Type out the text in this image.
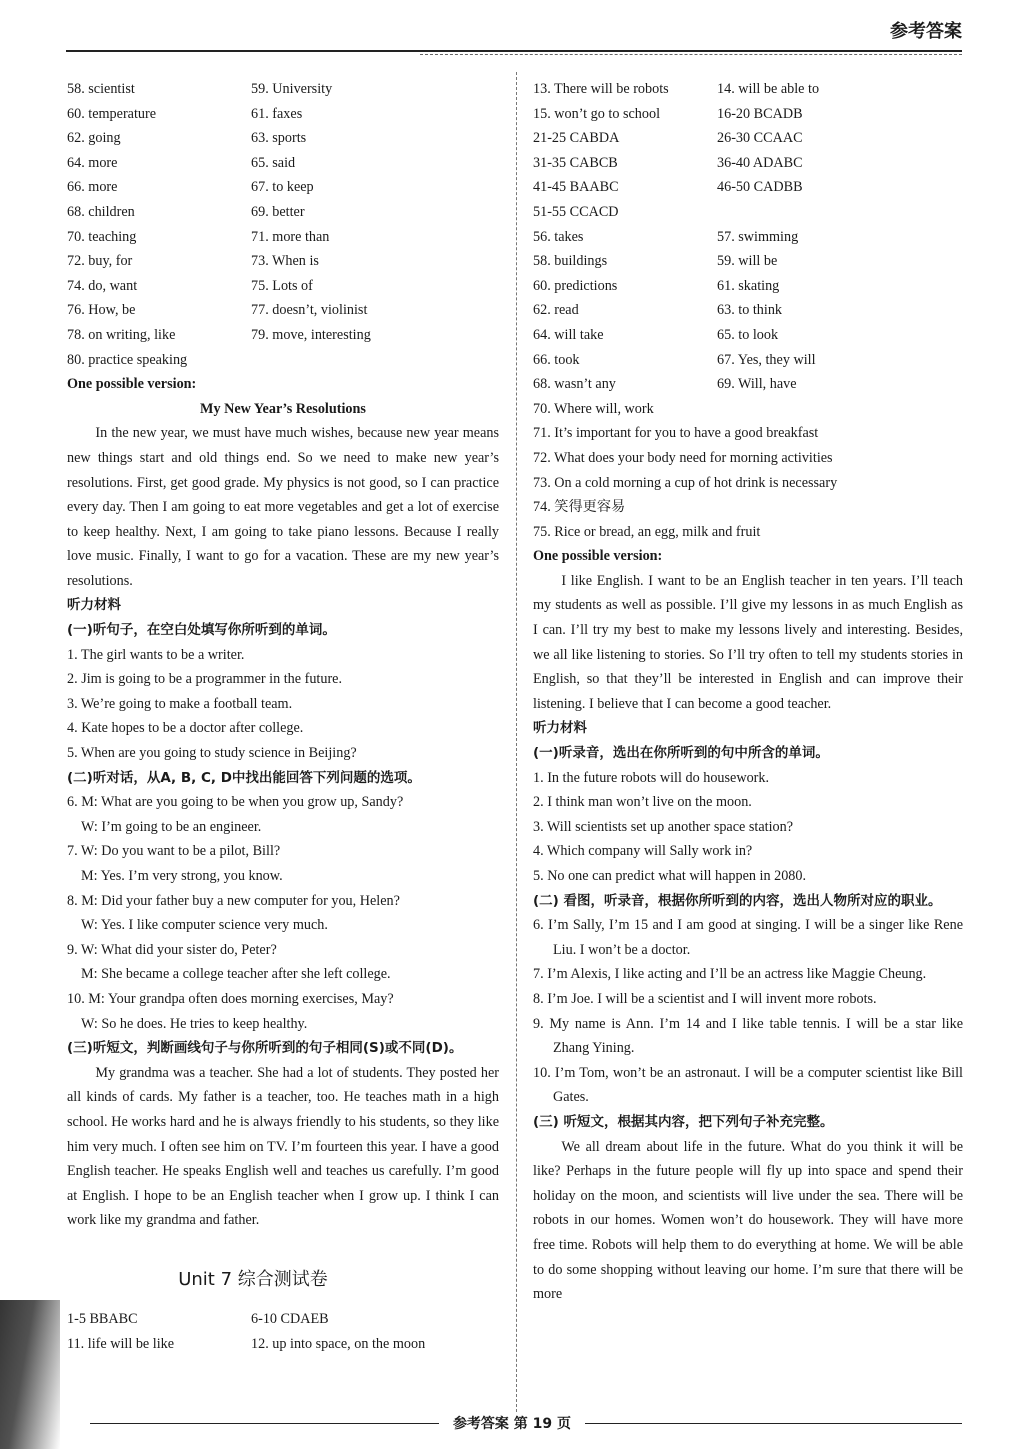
参考答案
58. scientist	59. University
60. temperature	61. faxes
62. going	63. sports
64. more	65. said
66. more	67. to keep
68. children	69. better
70. teaching	71. more than
72. buy, for	73. When is
74. do, want	75. Lots of
76. How, be	77. doesn’t, violinist
78. on writing, like	79. move, interesting
80. practice speaking
One possible version:
My New Year’s Resolutions

In the new year, we must have much wishes, because new year means new things start and old things end. So we need to make new year’s resolutions. First, get good grade. My physics is not good, so I can practice every day. Then I am going to eat more vegetables and get a lot of exercise to keep healthy. Next, I am going to take piano lessons. Because I really love music. Finally, I want to go for a vacation. These are my new year’s resolutions.

听力材料
(一)听句子，在空白处填写你所听到的单词。
1. The girl wants to be a writer.
2. Jim is going to be a programmer in the future.
3. We’re going to make a football team.
4. Kate hopes to be a doctor after college.
5. When are you going to study science in Beijing?
(二)听对话，从A, B, C, D中找出能回答下列问题的选项。
6. M: What are you going to be when you grow up, Sandy?
W: I’m going to be an engineer.
7. W: Do you want to be a pilot, Bill?
M: Yes. I’m very strong, you know.
8. M: Did your father buy a new computer for you, Helen?
W: Yes. I like computer science very much.
9. W: What did your sister do, Peter?
M: She became a college teacher after she left college.
10. M: Your grandpa often does morning exercises, May?
W: So he does. He tries to keep healthy.
(三)听短文，判断画线句子与你所听到的句子相同(S)或不同(D)。

My grandma was a teacher. She had a lot of students. They posted her all kinds of cards. My father is a teacher, too. He teaches math in a high school. He works hard and he is always friendly to his students, so they like him very much. I often see him on TV. I’m fourteen this year. I have a good English teacher. He speaks English well and teaches us carefully. I’m good at English. I hope to be an English teacher when I grow up. I think I can work like my grandma and father.

Unit 7 综合测试卷
1-5 BBABC	6-10 CDAEB
11. life will be like	12. up into space, on the moon
13. There will be robots	14. will be able to
15. won’t go to school	16-20 BCADB
21-25 CABDA	26-30 CCAAC
31-35 CABCB	36-40 ADABC
41-45 BAABC	46-50 CADBB
51-55 CCACD
56. takes	57. swimming
58. buildings	59. will be
60. predictions	61. skating
62. read	63. to think
64. will take	65. to look
66. took	67. Yes, they will
68. wasn’t any	69. Will, have
70. Where will, work
71. It’s important for you to have a good breakfast
72. What does your body need for morning activities
73. On a cold morning a cup of hot drink is necessary
74. 笑得更容易
75. Rice or bread, an egg, milk and fruit
One possible version:

I like English. I want to be an English teacher in ten years. I’ll teach my students as well as possible. I’ll give my lessons in as much English as I can. I’ll try my best to make my lessons lively and interesting. Besides, we all like listening to stories. So I’ll try often to tell my students stories in English, so that they’ll be interested in English and can improve their listening. I believe that I can become a good teacher.

听力材料
(一)听录音，选出在你所听到的句中所含的单词。
1. In the future robots will do housework.
2. I think man won’t live on the moon.
3. Will scientists set up another space station?
4. Which company will Sally work in?
5. No one can predict what will happen in 2080.

(二) 看图，听录音，根据你所听到的内容，选出人物所对应的职业。

6. I’m Sally, I’m 15 and I am good at singing. I will be a singer like Rene Liu. I won’t be a doctor.

7. I’m Alexis, I like acting and I’ll be an actress like Maggie Cheung.

8. I’m Joe. I will be a scientist and I will invent more robots.

9. My name is Ann. I’m 14 and I like table tennis. I will be a star like Zhang Yining.

10. I’m Tom, won’t be an astronaut. I will be a computer scientist like Bill Gates.

(三) 听短文，根据其内容，把下列句子补充完整。

We all dream about life in the future. What do you think it will be like? Perhaps in the future people will fly up into space and spend their holiday on the moon, and scientists will live under the sea. There will be robots in our homes. Women won’t do housework. They will have more free time. Robots will help them to do everything at home. We will be able to do some shopping without leaving our home. I’m sure that there will be more

参考答案 第 19 页
